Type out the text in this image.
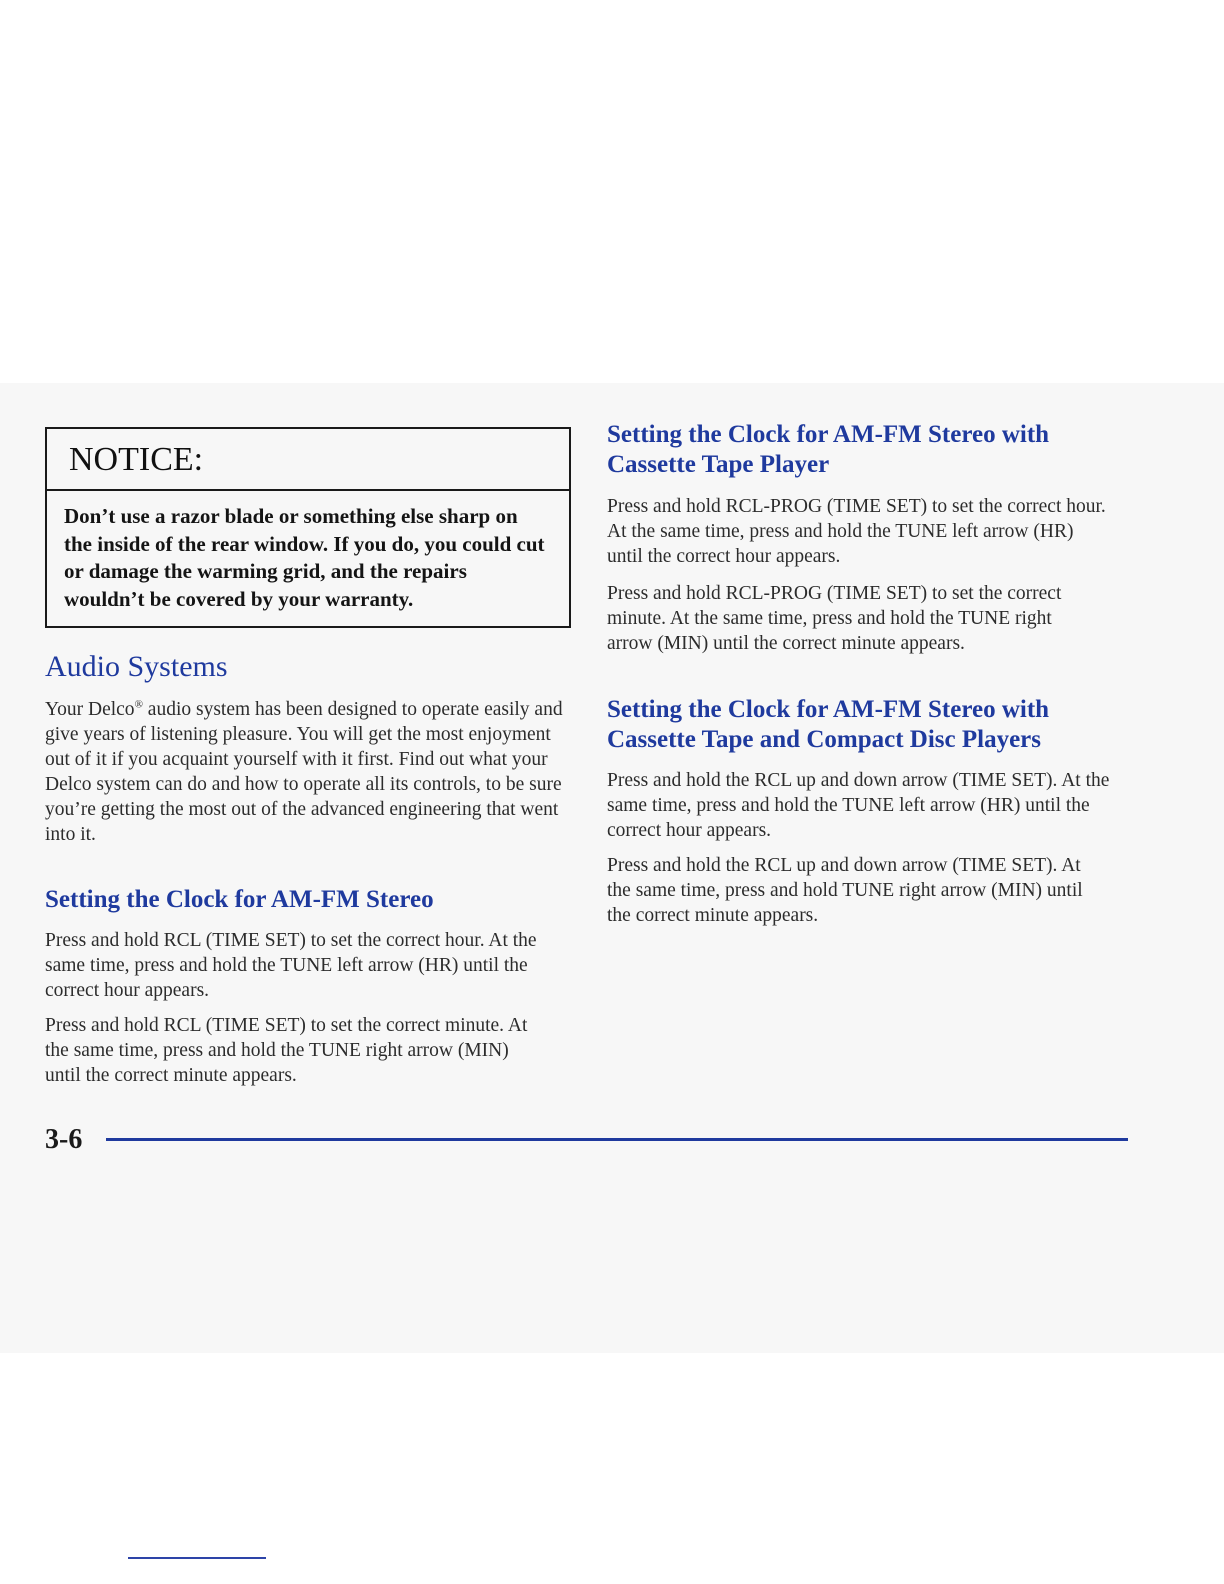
NOTICE:
Don’t use a razor blade or something else sharp on the inside of the rear window. If you do, you could cut or damage the warming grid, and the repairs wouldn’t be covered by your warranty.
Audio Systems

Your Delco® audio system has been designed to operate easily and give years of listening pleasure. You will get the most enjoyment out of it if you acquaint yourself with it first. Find out what your Delco system can do and how to operate all its controls, to be sure you’re getting the most out of the advanced engineering that went into it.

Setting the Clock for AM-FM Stereo

Press and hold RCL (TIME SET) to set the correct hour. At the same time, press and hold the TUNE left arrow (HR) until the correct hour appears.

Press and hold RCL (TIME SET) to set the correct minute. At the same time, press and hold the TUNE right arrow (MIN) until the correct minute appears.

Setting the Clock for AM-FM Stereo with Cassette Tape Player

Press and hold RCL-PROG (TIME SET) to set the correct hour. At the same time, press and hold the TUNE left arrow (HR) until the correct hour appears.

Press and hold RCL-PROG (TIME SET) to set the correct minute. At the same time, press and hold the TUNE right arrow (MIN) until the correct minute appears.

Setting the Clock for AM-FM Stereo with Cassette Tape and Compact Disc Players

Press and hold the RCL up and down arrow (TIME SET). At the same time, press and hold the TUNE left arrow (HR) until the correct hour appears.

Press and hold the RCL up and down arrow (TIME SET). At the same time, press and hold TUNE right arrow (MIN) until the correct minute appears.

3-6
